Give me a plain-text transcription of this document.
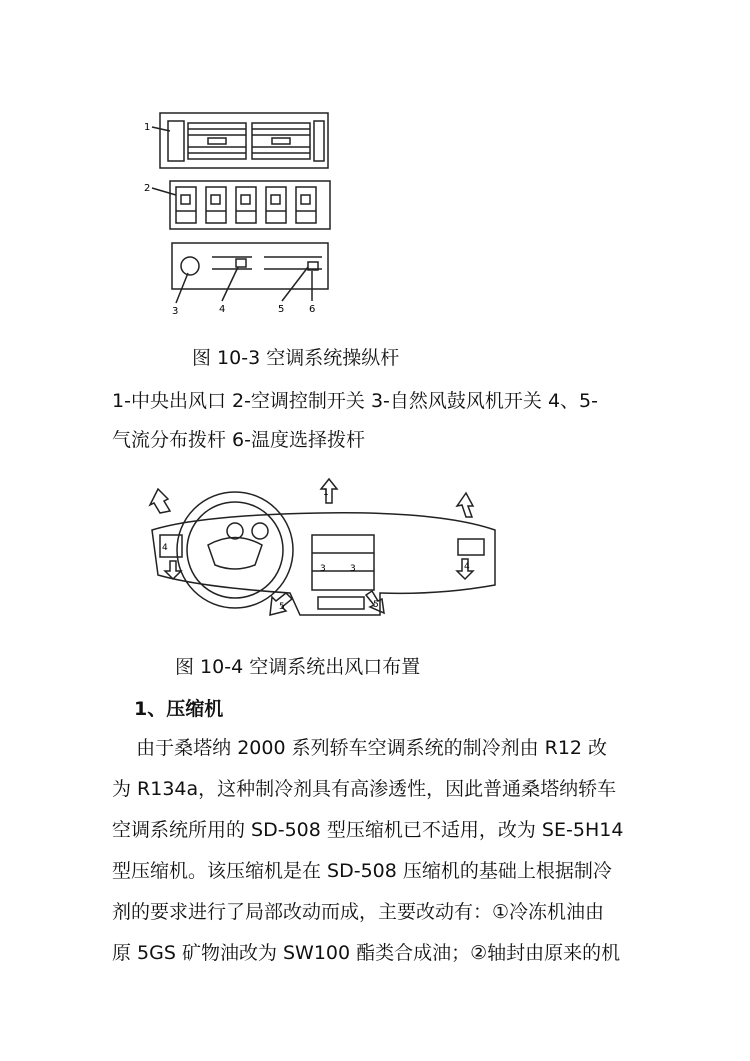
1
2
3	4	5 6
图 10-3 空调系统操纵杆
1-中央出风口 2-空调控制开关 3-自然风鼓风机开关 4、5-
气流分布拨杆 6-温度选择拨杆
4
1
3	3	4
5	5
图 10-4 空调系统出风口布置
1、压缩机
由于桑塔纳 2000 系列轿车空调系统的制冷剂由 R12 改
为 R134a，这种制冷剂具有高渗透性，因此普通桑塔纳轿车
空调系统所用的 SD-508 型压缩机已不适用，改为 SE-5H14
型压缩机。该压缩机是在 SD-508 压缩机的基础上根据制冷
剂的要求进行了局部改动而成，主要改动有：①冷冻机油由
原 5GS 矿物油改为 SW100 酯类合成油；②轴封由原来的机
